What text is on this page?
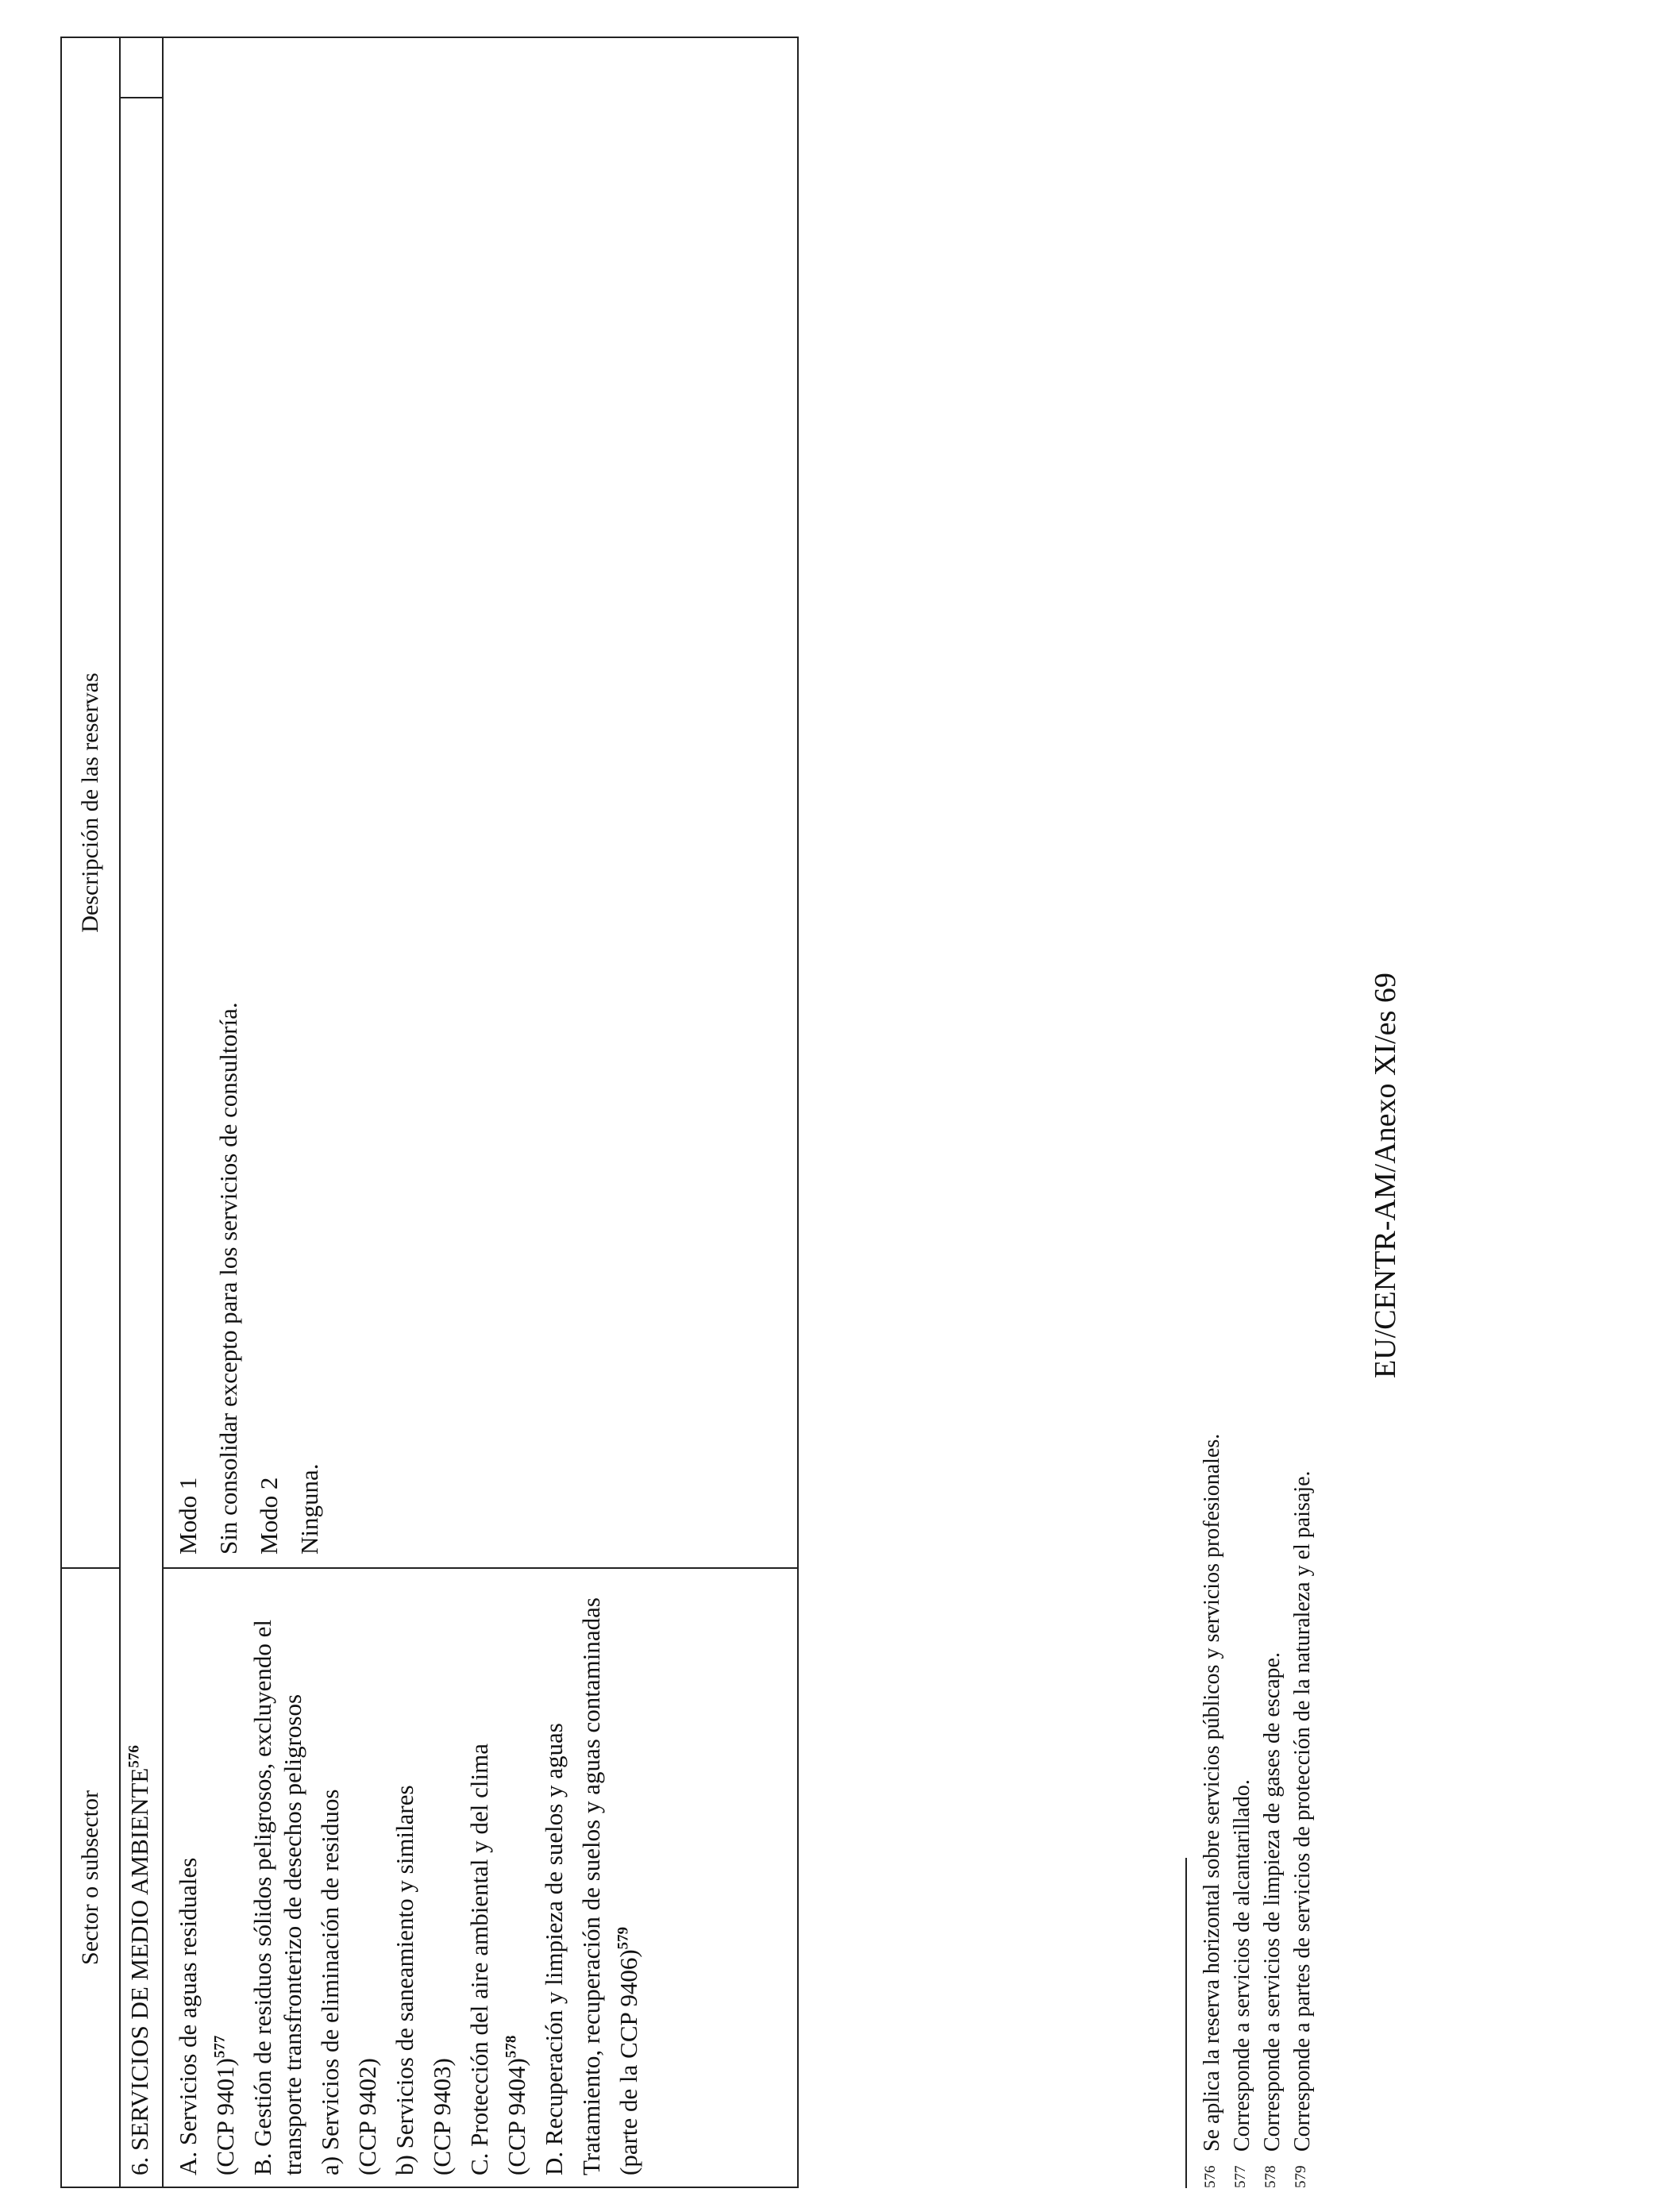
Sector o subsector
Descripción de las reservas
6. SERVICIOS DE MEDIO AMBIENTE$^{576}$
A. Servicios de aguas residuales (CCP 9401)$^{577}$ B. Gestión de residuos sólidos peligrosos, excluyendo el transporte transfronterizo de desechos peligrosos a) Servicios de eliminación de residuos (CCP 9402) b) Servicios de saneamiento y similares (CCP 9403) C. Protección del aire ambiental y del clima (CCP 9404)$^{578}$ D. Recuperación y limpieza de suelos y aguas Tratamiento, recuperación de suelos y aguas contaminadas (parte de la CCP 9406)$^{579}$
Modo 1 Sin consolidar excepto para los servicios de consultoría. Modo 2 Ninguna.
576
Se aplica la reserva horizontal sobre servicios públicos y servicios profesionales.
577
Corresponde a servicios de alcantarillado.
578
Corresponde a servicios de limpieza de gases de escape.
579
Corresponde a partes de servicios de protección de la naturaleza y el paisaje.
EU/CENTR-AM/Anexo XI/es 69
